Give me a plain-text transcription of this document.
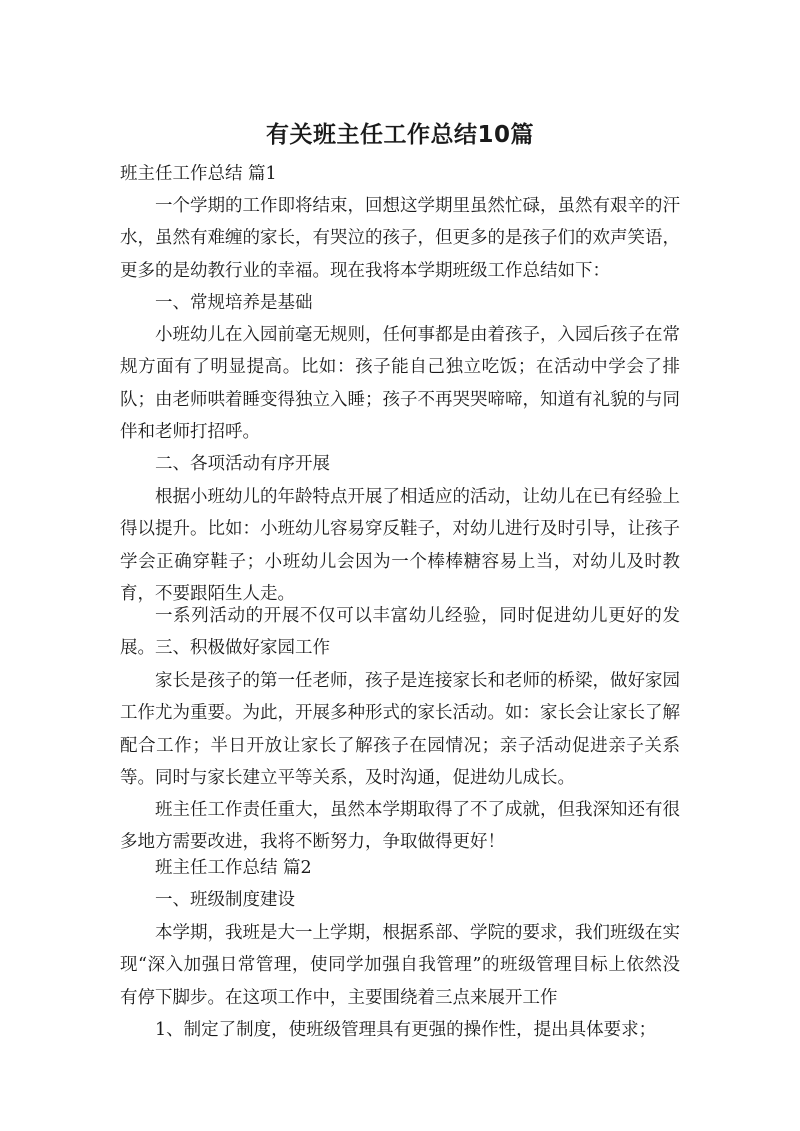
有关班主任工作总结10篇

班主任工作总结 篇1

一个学期的工作即将结束，回想这学期里虽然忙碌，虽然有艰辛的汗水，虽然有难缠的家长，有哭泣的孩子，但更多的是孩子们的欢声笑语，更多的是幼教行业的幸福。现在我将本学期班级工作总结如下：

一、常规培养是基础

小班幼儿在入园前毫无规则，任何事都是由着孩子，入园后孩子在常规方面有了明显提高。比如：孩子能自己独立吃饭；在活动中学会了排队；由老师哄着睡变得独立入睡；孩子不再哭哭啼啼，知道有礼貌的与同伴和老师打招呼。

二、各项活动有序开展

根据小班幼儿的年龄特点开展了相适应的活动，让幼儿在已有经验上得以提升。比如：小班幼儿容易穿反鞋子，对幼儿进行及时引导，让孩子学会正确穿鞋子；小班幼儿会因为一个棒棒糖容易上当，对幼儿及时教育，不要跟陌生人走。

一系列活动的开展不仅可以丰富幼儿经验，同时促进幼儿更好的发展。 三、积极做好家园工作

家长是孩子的第一任老师，孩子是连接家长和老师的桥梁，做好家园工作尤为重要。为此，开展多种形式的家长活动。如：家长会让家长了解配合工作；半日开放让家长了解孩子在园情况；亲子活动促进亲子关系等。同时与家长建立平等关系，及时沟通，促进幼儿成长。

班主任工作责任重大，虽然本学期取得了不了成就，但我深知还有很多地方需要改进，我将不断努力，争取做得更好！

班主任工作总结 篇2

一、班级制度建设

本学期，我班是大一上学期，根据系部、学院的要求，我们班级在实现“深入加强日常管理，使同学加强自我管理”的班级管理目标上依然没有停下脚步。在这项工作中，主要围绕着三点来展开工作

1、制定了制度，使班级管理具有更强的操作性，提出具体要求；
